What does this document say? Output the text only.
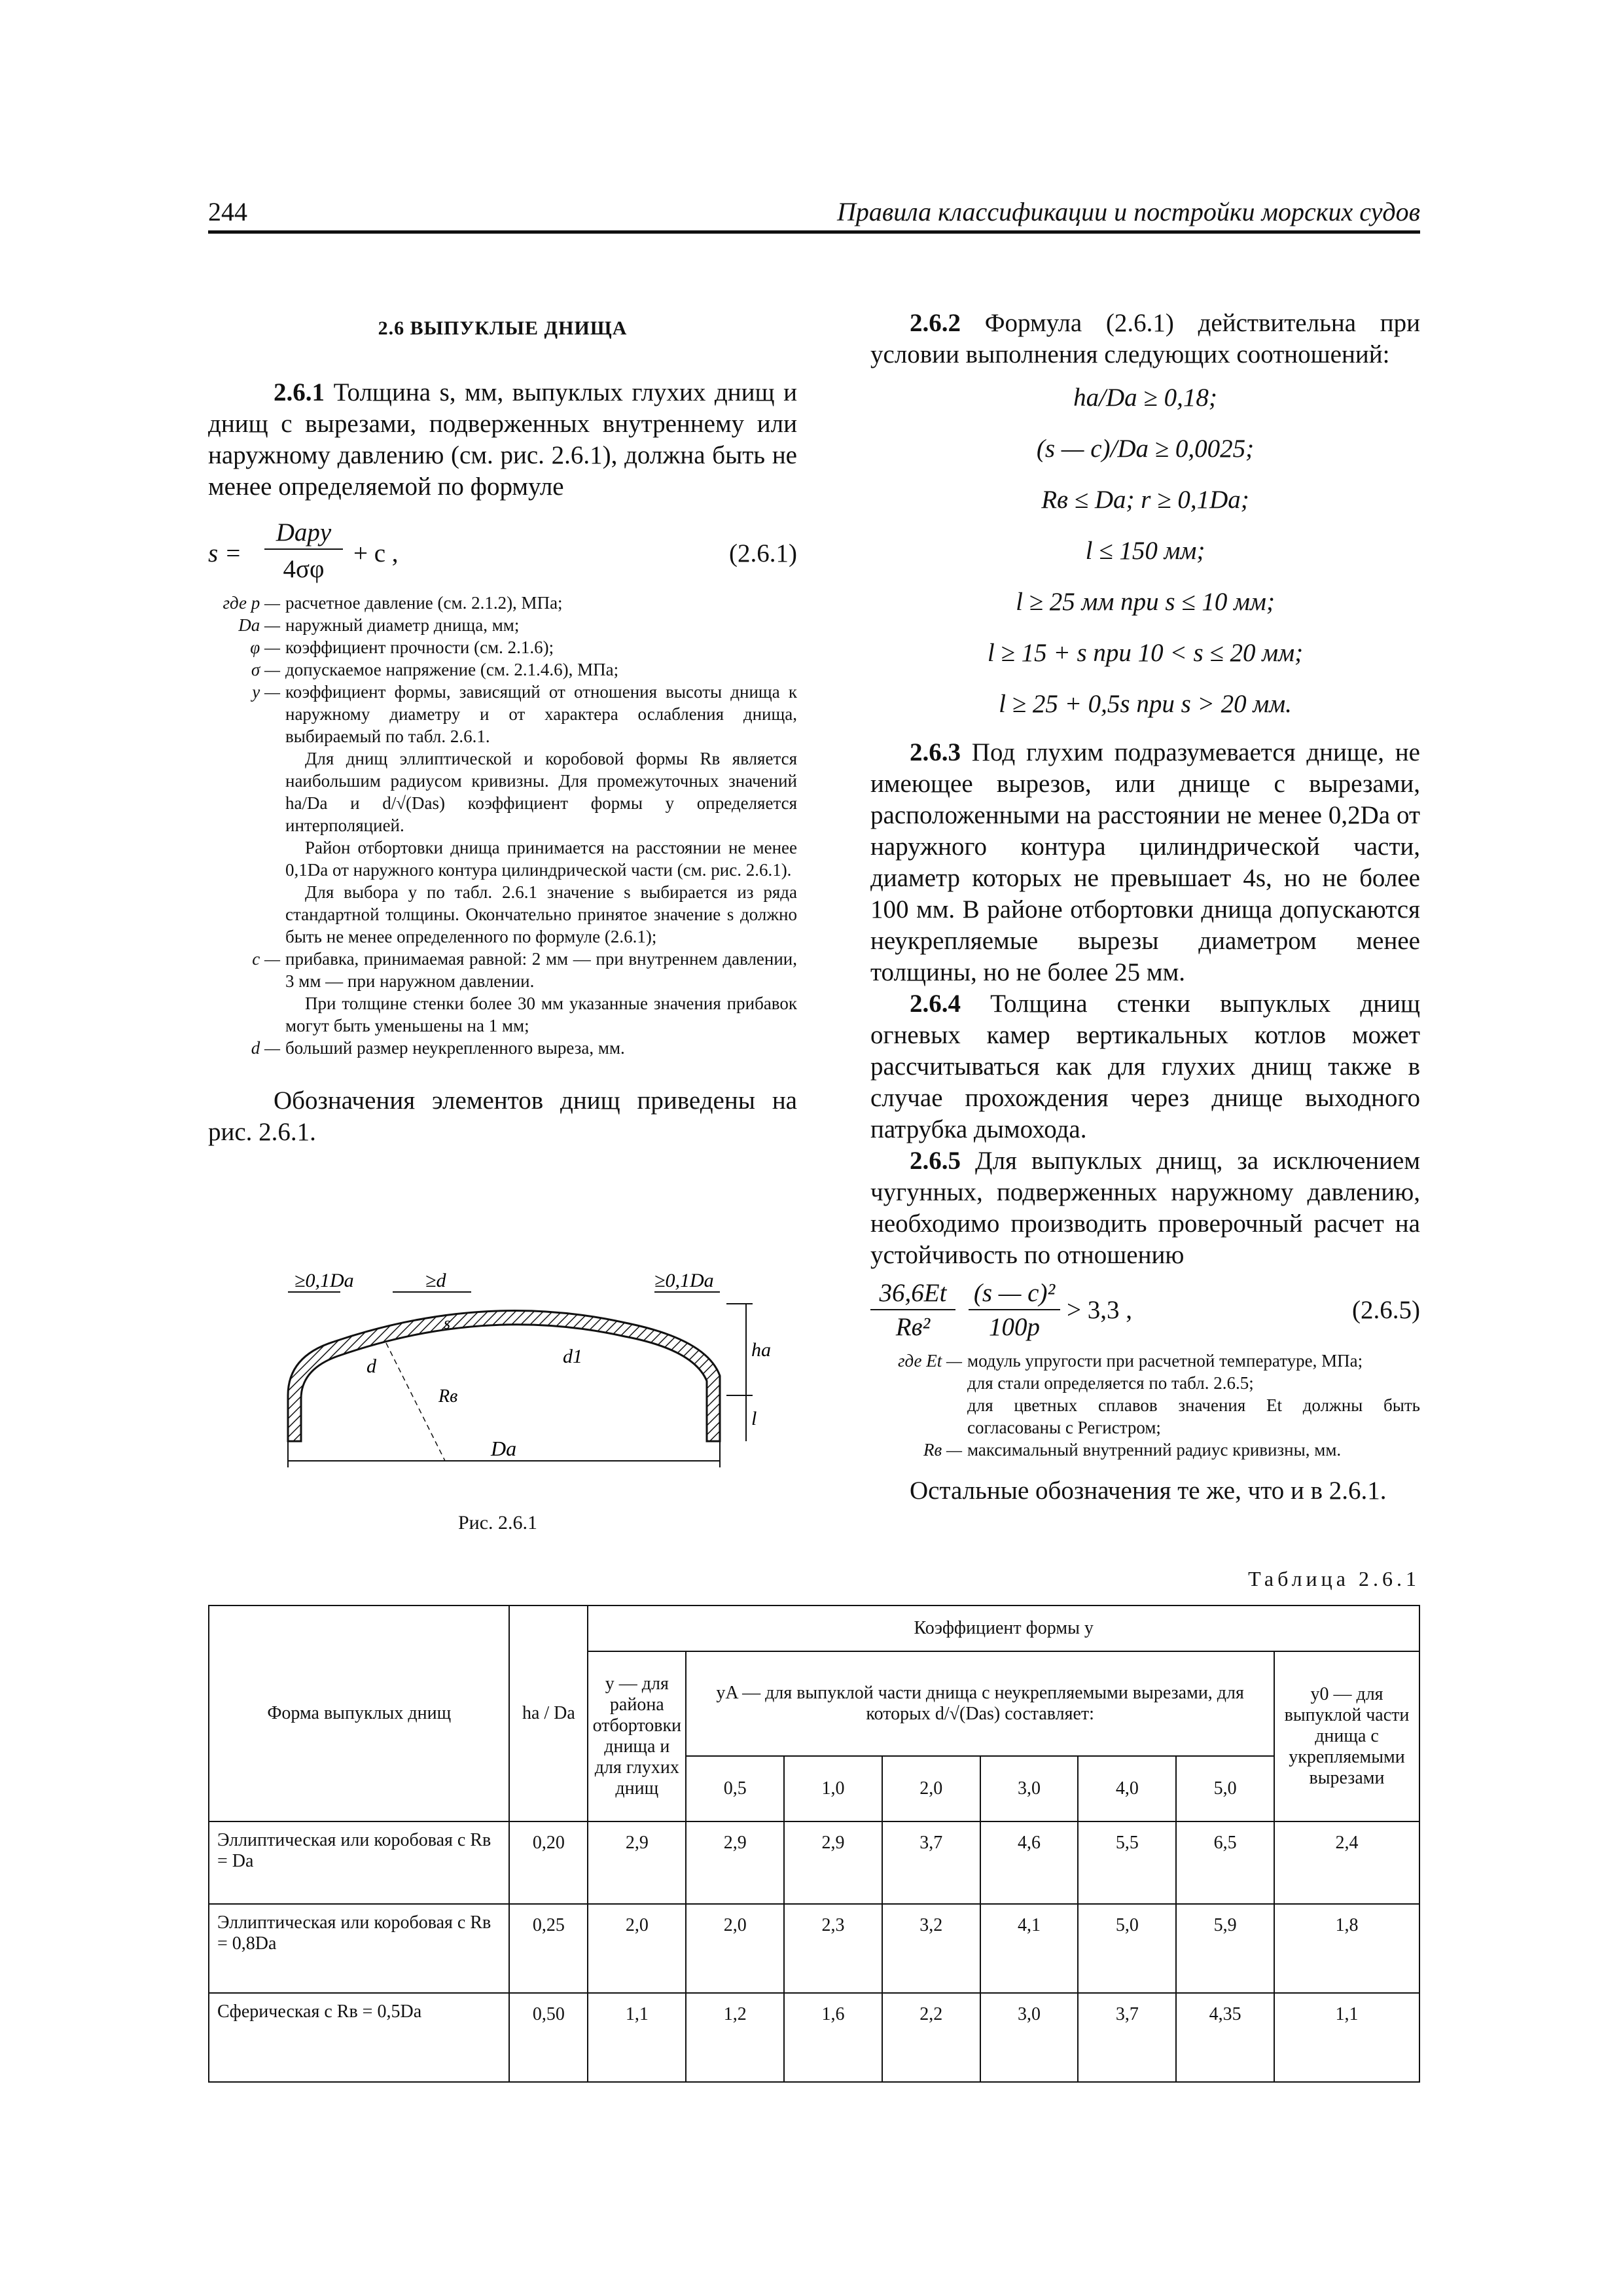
244	Правила классификации и постройки морских судов
2.6 ВЫПУКЛЫЕ ДНИЩА
2.6.1 Толщина s, мм, выпуклых глухих днищ и днищ с вырезами, подверженных внутреннему или наружному давлению (см. рис. 2.6.1), должна быть не менее определяемой по формуле
s =
Dapy
4σφ
+ c ,	(2.6.1)
где p — расчетное давление (см. 2.1.2), МПа;
Da — наружный диаметр днища, мм;
φ — коэффициент прочности (см. 2.1.6);
σ — допускаемое напряжение (см. 2.1.4.6), МПа;
y — коэффициент формы, зависящий от отношения высоты днища к наружному диаметру и от характера ослабления днища, выбираемый по табл. 2.6.1.
Для днищ эллиптической и коробовой формы Rв является наибольшим радиусом кривизны. Для промежуточных значений ha/Da и d/√(Das) коэффициент формы y определяется интерполяцией.
Район отбортовки днища принимается на расстоянии не менее 0,1Da от наружного контура цилиндрической части (см. рис. 2.6.1).
Для выбора y по табл. 2.6.1 значение s выбирается из ряда стандартной толщины. Окончательно принятое значение s должно быть не менее определенного по формуле (2.6.1);
c — прибавка, принимаемая равной: 2 мм — при внутреннем давлении, 3 мм — при наружном давлении.
При толщине стенки более 30 мм указанные значения прибавок могут быть уменьшены на 1 мм;
d — больший размер неукрепленного выреза, мм.
Обозначения элементов днищ приведены на рис. 2.6.1.
≥0,1Da	≥d	≥0,1Da
s
d	d1
Rв
ha
l
Da
Рис. 2.6.1
2.6.2 Формула (2.6.1) действительна при условии выполнения следующих соотношений:
ha/Da ≥ 0,18;
(s — c)/Da ≥ 0,0025;
Rв ≤ Da; r ≥ 0,1Da;
l ≤ 150 мм;
l ≥ 25 мм при s ≤ 10 мм;
l ≥ 15 + s при 10 < s ≤ 20 мм;
l ≥ 25 + 0,5s при s > 20 мм.
2.6.3 Под глухим подразумевается днище, не имеющее вырезов, или днище с вырезами, расположенными на расстоянии не менее 0,2Da от наружного контура цилиндрической части, диаметр которых не превышает 4s, но не более 100 мм. В районе отбортовки днища допускаются неукрепляемые вырезы диаметром менее толщины, но не более 25 мм.
2.6.4 Толщина стенки выпуклых днищ огневых камер вертикальных котлов может рассчитываться как для глухих днищ также в случае прохождения через днище выходного патрубка дымохода.
2.6.5 Для выпуклых днищ, за исключением чугунных, подверженных наружному давлению, необходимо производить проверочный расчет на устойчивость по отношению
36,6Et
Rв²
(s — c)²
100p
> 3,3 ,	(2.6.5)
где Et — модуль упругости при расчетной температуре, МПа;
для стали определяется по табл. 2.6.5;
для цветных сплавов значения Et должны быть согласованы с Регистром;
Rв — максимальный внутренний радиус кривизны, мм.
Остальные обозначения те же, что и в 2.6.1.
Таблица 2.6.1
Форма выпуклых днищ	ha / Da	Коэффициент формы y							
		y — для района отбортовки днища и для глухих днищ	yA — для выпуклой части днища с неукрепляемыми вырезами, для которых d/√(Das) составляет:						y0 — для выпуклой части днища с укрепляемыми вырезами
			0,5	1,0	2,0	3,0	4,0	5,0	
Эллиптическая или коробовая с Rв = Da	0,20	2,9	2,9	2,9	3,7	4,6	5,5	6,5	2,4
Эллиптическая или коробовая с Rв = 0,8Da	0,25	2,0	2,0	2,3	3,2	4,1	5,0	5,9	1,8
Сферическая с Rв = 0,5Da	0,50	1,1	1,2	1,6	2,2	3,0	3,7	4,35	1,1
